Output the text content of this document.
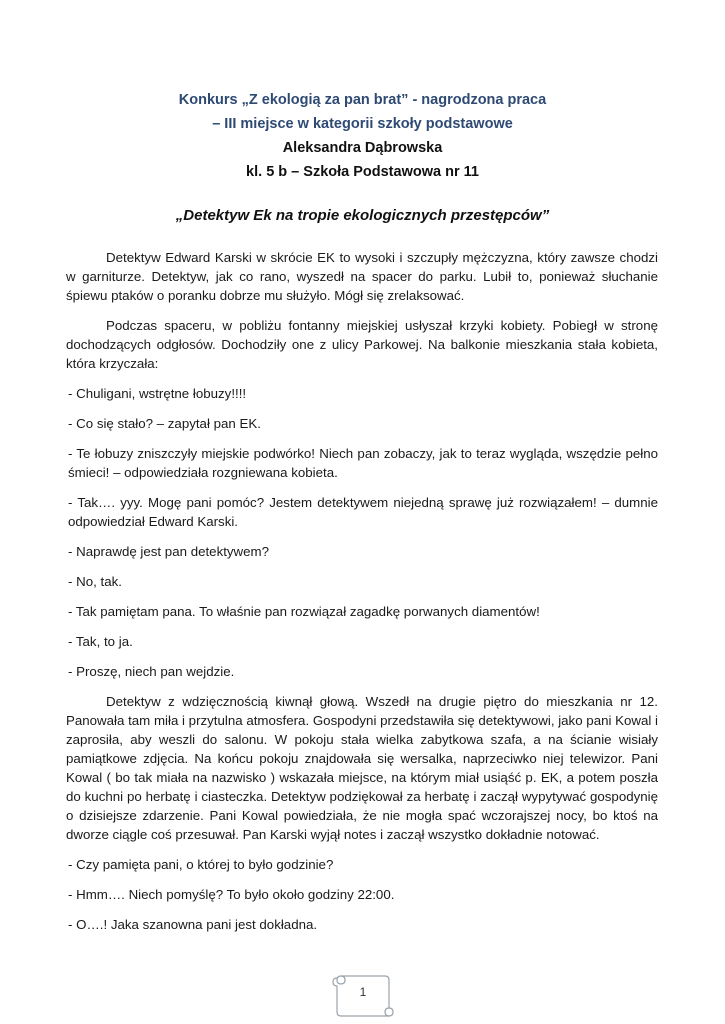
Konkurs „Z ekologią za pan brat” - nagrodzona praca
– III miejsce w kategorii szkoły podstawowe
Aleksandra Dąbrowska
kl. 5 b – Szkoła Podstawowa nr 11
„Detektyw Ek na tropie ekologicznych przestępców”

Detektyw Edward Karski w skrócie EK to wysoki i szczupły mężczyzna, który zawsze chodzi w garniturze. Detektyw, jak co rano, wyszedł na spacer do parku. Lubił to, ponieważ słuchanie śpiewu ptaków o poranku dobrze mu służyło. Mógł się zrelaksować.

Podczas spaceru, w pobliżu fontanny miejskiej usłyszał krzyki kobiety. Pobiegł w stronę dochodzących odgłosów. Dochodziły one z ulicy Parkowej. Na balkonie mieszkania stała kobieta, która krzyczała:

- Chuligani, wstrętne łobuzy!!!!

- Co się stało? – zapytał pan EK.

- Te łobuzy zniszczyły miejskie podwórko! Niech pan zobaczy, jak to teraz wygląda, wszędzie pełno śmieci! – odpowiedziała rozgniewana kobieta.

- Tak…. yyy. Mogę pani pomóc? Jestem detektywem niejedną sprawę już rozwiązałem! – dumnie odpowiedział Edward Karski.

- Naprawdę jest pan detektywem?

- No, tak.

- Tak pamiętam pana. To właśnie pan rozwiązał zagadkę porwanych diamentów!

- Tak, to ja.

- Proszę, niech pan wejdzie.

Detektyw z wdzięcznością kiwnął głową. Wszedł na drugie piętro do mieszkania nr 12. Panowała tam miła i przytulna atmosfera. Gospodyni przedstawiła się detektywowi, jako pani Kowal i zaprosiła, aby weszli do salonu. W pokoju stała wielka zabytkowa szafa, a na ścianie wisiały pamiątkowe zdjęcia. Na końcu pokoju znajdowała się wersalka, naprzeciwko niej telewizor. Pani Kowal ( bo tak miała na nazwisko ) wskazała miejsce, na którym miał usiąść p. EK, a potem poszła do kuchni po herbatę i ciasteczka. Detektyw podziękował za herbatę i zaczął wypytywać gospodynię o dzisiejsze zdarzenie. Pani Kowal powiedziała, że nie mogła spać wczorajszej nocy, bo ktoś na dworze ciągle coś przesuwał. Pan Karski wyjął notes i zaczął wszystko dokładnie notować.

- Czy pamięta pani, o której to było godzinie?

- Hmm…. Niech pomyślę? To było około godziny 22:00.

- O….! Jaka szanowna pani jest dokładna.

1
